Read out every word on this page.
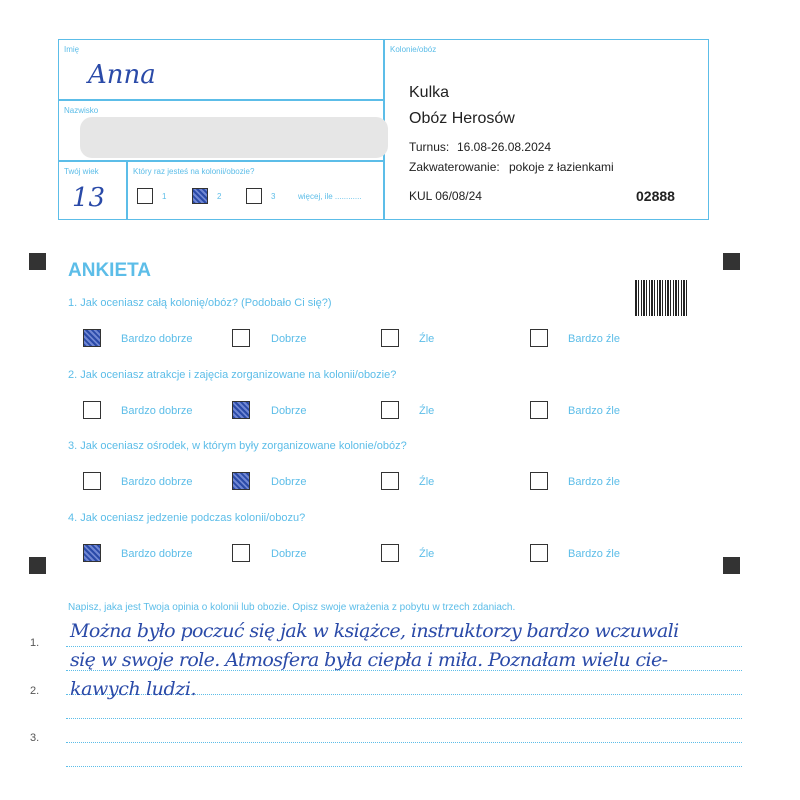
Imię
Anna
Nazwisko
Twój wiek
13
Który raz jesteś na kolonii/obozie?
1	2	3	więcej, ile ............
Kolonie/obóz
Kulka
Obóz Herosów
Turnus: 16.08-26.08.2024
Zakwaterowanie: pokoje z łazienkami
KUL 06/08/24	02888
ANKIETA
1. Jak oceniasz całą kolonię/obóz? (Podobało Ci się?)
Bardzo dobrze	Dobrze	Źle	Bardzo źle
2. Jak oceniasz atrakcje i zajęcia zorganizowane na kolonii/obozie?
Bardzo dobrze	Dobrze	Źle	Bardzo źle
3. Jak oceniasz ośrodek, w którym były zorganizowane kolonie/obóz?
Bardzo dobrze	Dobrze	Źle	Bardzo źle
4. Jak oceniasz jedzenie podczas kolonii/obozu?
Bardzo dobrze	Dobrze	Źle	Bardzo źle
Napisz, jaka jest Twoja opinia o kolonii lub obozie. Opisz swoje wrażenia z pobytu w trzech zdaniach.
1.
2.
3.
Można było poczuć się jak w książce, instruktorzy bardzo wczuwali
się w swoje role. Atmosfera była ciepła i miła. Poznałam wielu cie-
kawych ludzi.
